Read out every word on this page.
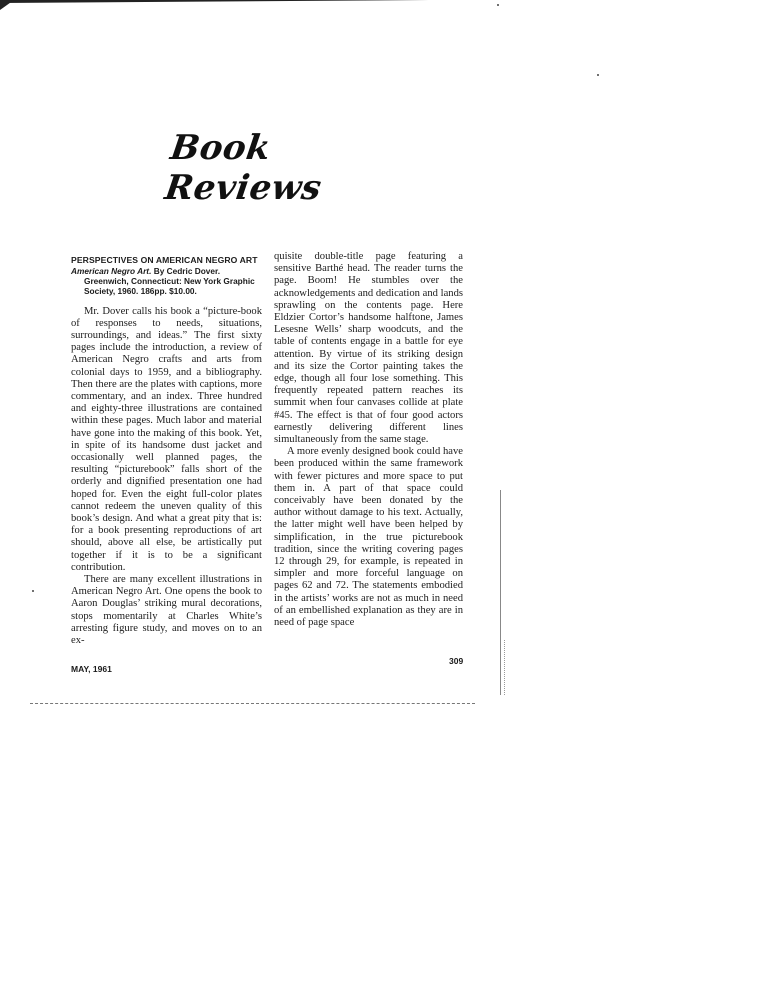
Book Reviews
PERSPECTIVES ON AMERICAN NEGRO ART
American Negro Art. By Cedric Dover.
Greenwich, Connecticut: New York Graphic Society, 1960. 186pp. $10.00.

Mr. Dover calls his book a “picture-book of responses to needs, situations, surroundings, and ideas.” The first sixty pages include the introduction, a review of American Negro crafts and arts from colonial days to 1959, and a bibliography. Then there are the plates with captions, more commentary, and an index. Three hundred and eighty-three illustrations are contained within these pages. Much labor and material have gone into the making of this book. Yet, in spite of its handsome dust jacket and occasionally well planned pages, the resulting “picturebook” falls short of the orderly and dignified presentation one had hoped for. Even the eight full-color plates cannot redeem the uneven quality of this book’s design. And what a great pity that is: for a book presenting reproductions of art should, above all else, be artistically put together if it is to be a significant contribution.

There are many excellent illustrations in American Negro Art. One opens the book to Aaron Douglas’ striking mural decorations, stops momentarily at Charles White’s arresting figure study, and moves on to an ex-

quisite double-title page featuring a sensitive Barthé head. The reader turns the page. Boom! He stumbles over the acknowledgements and dedication and lands sprawling on the contents page. Here Eldzier Cortor’s handsome halftone, James Lesesne Wells’ sharp woodcuts, and the table of contents engage in a battle for eye attention. By virtue of its striking design and its size the Cortor painting takes the edge, though all four lose something. This frequently repeated pattern reaches its summit when four canvases collide at plate #45. The effect is that of four good actors earnestly delivering different lines simultaneously from the same stage.

A more evenly designed book could have been produced within the same framework with fewer pictures and more space to put them in. A part of that space could conceivably have been donated by the author without damage to his text. Actually, the latter might well have been helped by simplification, in the true picturebook tradition, since the writing covering pages 12 through 29, for example, is repeated in simpler and more forceful language on pages 62 and 72. The statements embodied in the artists’ works are not as much in need of an embellished explanation as they are in need of page space

MAY, 1961
309
